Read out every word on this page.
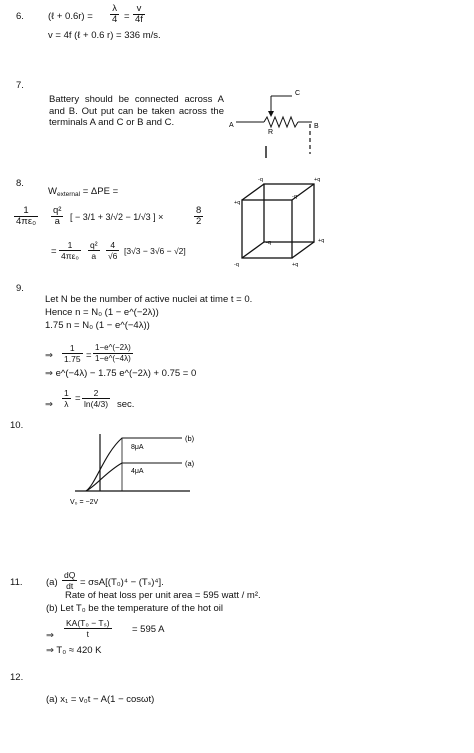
6.	(ℓ + $0.6r) = \frac{\lambda}{4} = \frac{v}{4f}$
v = 4f (ℓ + 0.6 r) = 336 m/s.
7.
Battery should be connected across A and B. Out put can be taken across the terminals A and C or B and C.	A
C
R
B
8.
$W_{external} = \Delta PE$ =
$\frac{1}{\text{4πε₀}} \frac{\text{q²}}{a}$ [ − 3/1 + 3/√2 − 1/√3 ] ×	$\frac{8}{2}$
= $\frac{1}{\text{4πε₀}} \frac{\text{q²}}{a} \frac{4}{√6} [3√3 - 3√6 - √2]$
-q	+q
+q
-q
+q
-q
-q	+q
9.
Let N be the number of active nuclei at time t = 0.
Hence n = N₀ (1 − e^(−2λ))
1.75 n = N₀ (1 − e^(−4λ))
⇒ $\frac{1}{1.75} = \frac{1-e\^{}(-2\lambda)}{1-e\^{}(-4\lambda)}$
⇒ e^(−4λ) − 1.75 e^(−2λ) + 0.75 = 0
⇒ $\frac{1}{\lambda} = \frac{2}{\ln(4/3)} \sec$.
10.
8μA
4μA
(b)
(a)
V₀ = −2V
11. $(a) \frac{dQ}{dt} = \sigma sA[(T_0)^4 - (T_s)^4]$.
Rate of heat loss per unit area = 595 watt / m².
(b) Let T₀ be the temperature of the hot oil
⇒ $\frac{\text{KA(T₀ − Tₛ)}}{t} = 595$ A
⇒ T₀ ≈ 420 K
12.
(a) x₁ = v₀t − A(1 − cosωt)
